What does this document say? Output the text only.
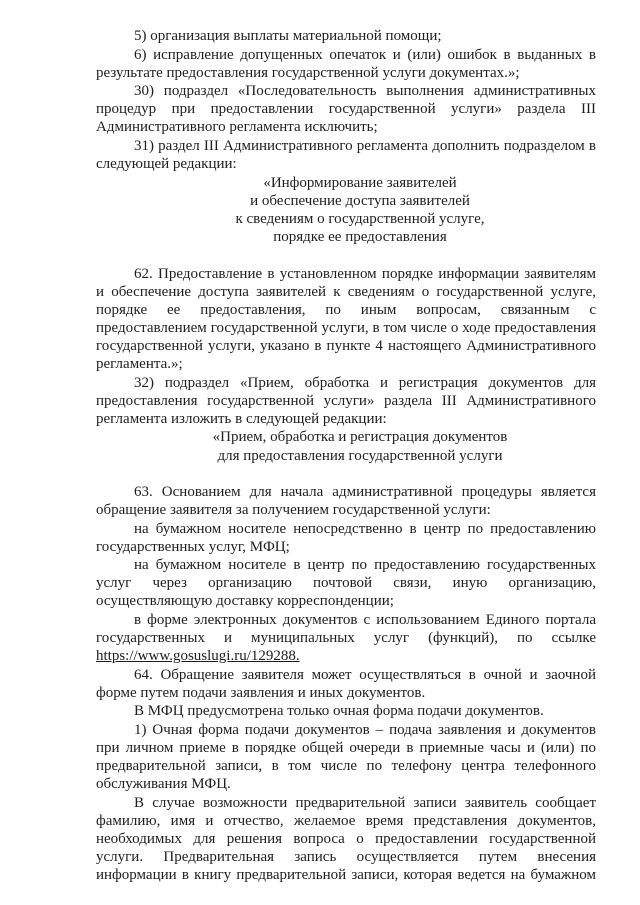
5) организация выплаты материальной помощи;
6) исправление допущенных опечаток и (или) ошибок в выданных в
результате предоставления государственной услуги документах.»;
30) подраздел «Последовательность выполнения административных
процедур при предоставлении государственной услуги» раздела III
Административного регламента исключить;
31) раздел III Административного регламента дополнить подразделом в
следующей редакции:
«Информирование заявителей
и обеспечение доступа заявителей
к сведениям о государственной услуге,
порядке ее предоставления
62. Предоставление в установленном порядке информации заявителям
и обеспечение доступа заявителей к сведениям о государственной услуге,
порядке ее предоставления, по иным вопросам, связанным с
предоставлением государственной услуги, в том числе о ходе предоставления
государственной услуги, указано в пункте 4 настоящего Административного
регламента.»;
32) подраздел «Прием, обработка и регистрация документов для
предоставления государственной услуги» раздела III Административного
регламента изложить в следующей редакции:
«Прием, обработка и регистрация документов
для предоставления государственной услуги
63. Основанием для начала административной процедуры является
обращение заявителя за получением государственной услуги:
на бумажном носителе непосредственно в центр по предоставлению
государственных услуг, МФЦ;
на бумажном носителе в центр по предоставлению государственных
услуг через организацию почтовой связи, иную организацию,
осуществляющую доставку корреспонденции;
в форме электронных документов с использованием Единого портала
государственных и муниципальных услуг (функций), по ссылке
https://www.gosuslugi.ru/129288.
64. Обращение заявителя может осуществляться в очной и заочной
форме путем подачи заявления и иных документов.
В МФЦ предусмотрена только очная форма подачи документов.
1) Очная форма подачи документов – подача заявления и документов
при личном приеме в порядке общей очереди в приемные часы и (или) по
предварительной записи, в том числе по телефону центра телефонного
обслуживания МФЦ.
В случае возможности предварительной записи заявитель сообщает
фамилию, имя и отчество, желаемое время представления документов,
необходимых для решения вопроса о предоставлении государственной
услуги. Предварительная запись осуществляется путем внесения
информации в книгу предварительной записи, которая ведется на бумажном
